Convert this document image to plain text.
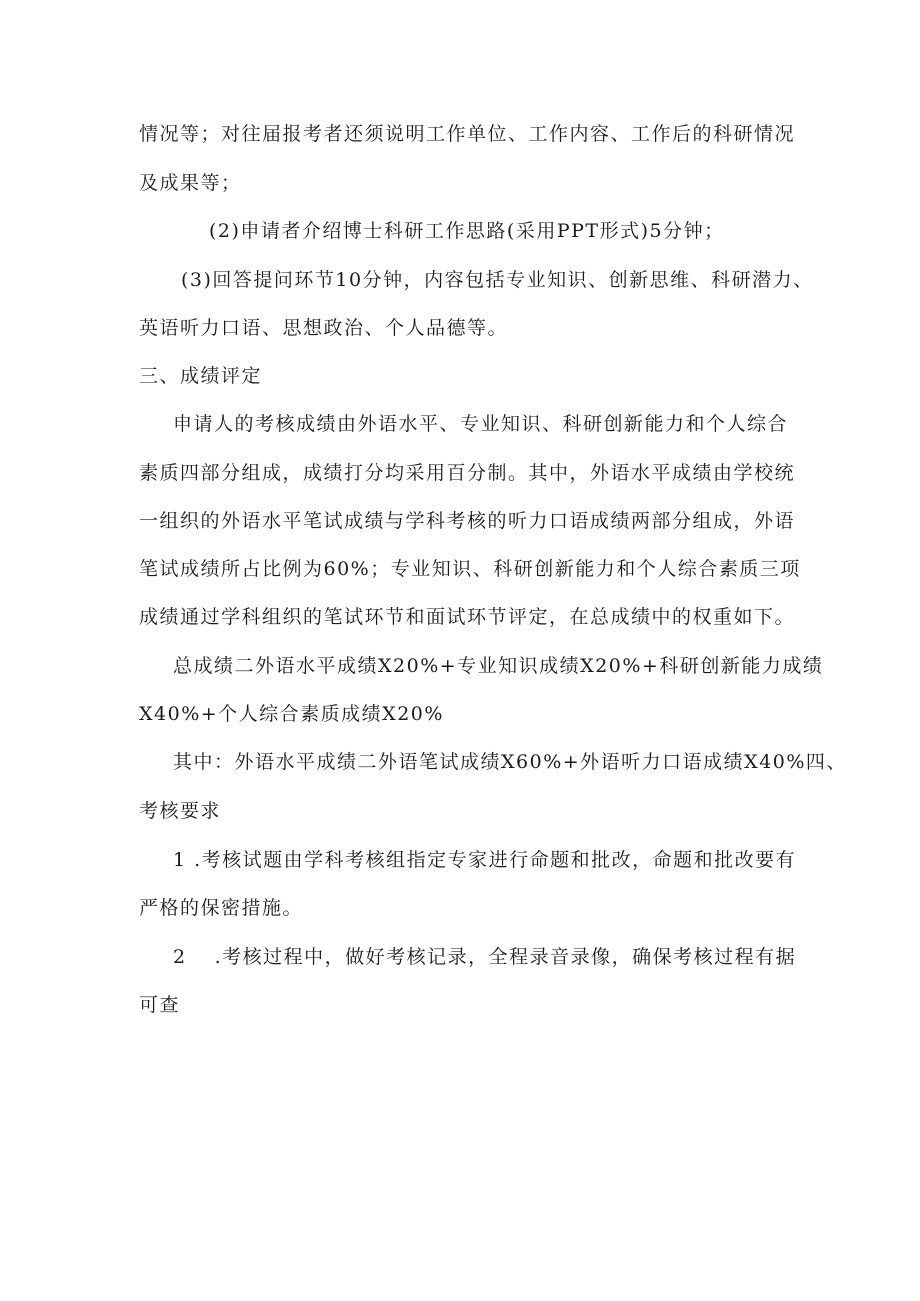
情况等；对往届报考者还须说明工作单位、工作内容、工作后的科研情况
及成果等；
(2)申请者介绍博士科研工作思路(采用PPT形式)5分钟；
(3)回答提问环节10分钟，内容包括专业知识、创新思维、科研潜力、
英语听力口语、思想政治、个人品德等。
三、成绩评定
申请人的考核成绩由外语水平、专业知识、科研创新能力和个人综合
素质四部分组成，成绩打分均采用百分制。其中，外语水平成绩由学校统
一组织的外语水平笔试成绩与学科考核的听力口语成绩两部分组成，外语
笔试成绩所占比例为60%；专业知识、科研创新能力和个人综合素质三项
成绩通过学科组织的笔试环节和面试环节评定，在总成绩中的权重如下。
总成绩二外语水平成绩X20%+专业知识成绩X20%+科研创新能力成绩
X40%+个人综合素质成绩X20%
其中：外语水平成绩二外语笔试成绩X60%+外语听力口语成绩X40%四、
考核要求
1 .考核试题由学科考核组指定专家进行命题和批改，命题和批改要有
严格的保密措施。
2　 .考核过程中，做好考核记录，全程录音录像，确保考核过程有据
可查
